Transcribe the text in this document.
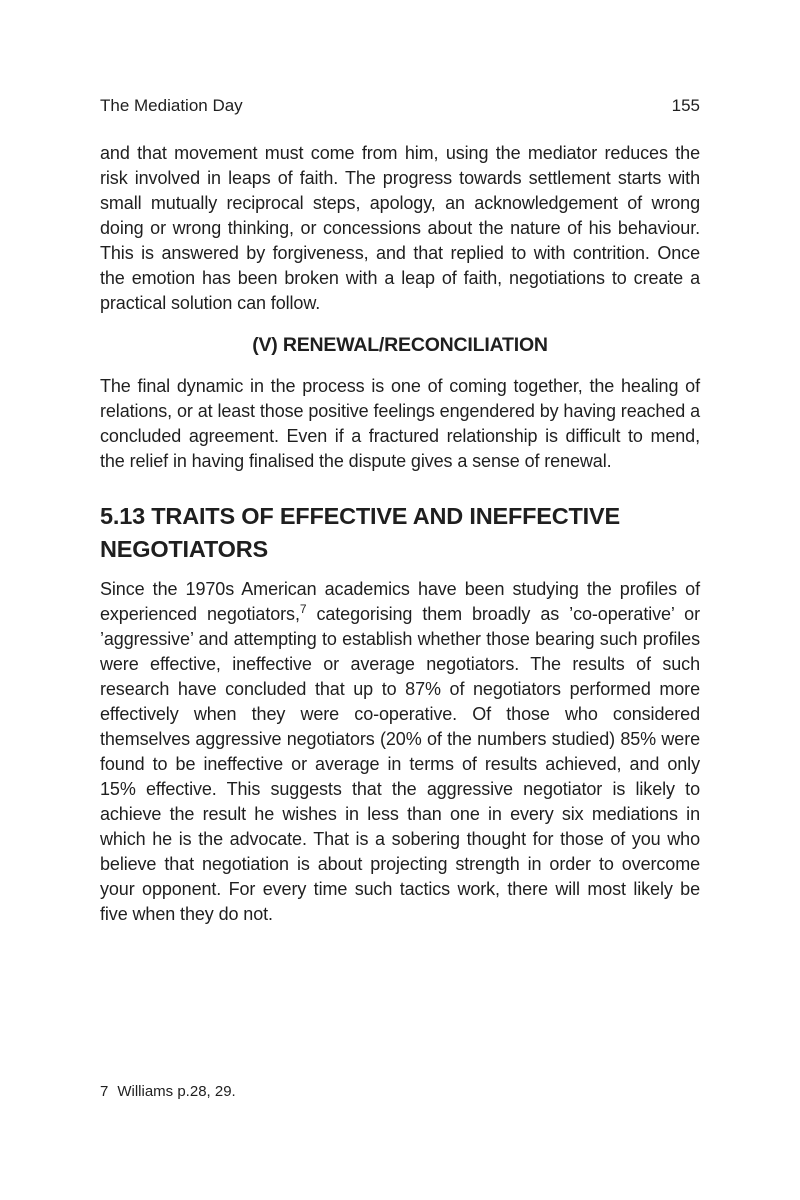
The Mediation Day	155

and that movement must come from him, using the mediator reduces the risk involved in leaps of faith. The progress towards settlement starts with small mutually reciprocal steps, apology, an acknowledgement of wrong doing or wrong thinking, or concessions about the nature of his behaviour. This is answered by forgiveness, and that replied to with contrition. Once the emotion has been broken with a leap of faith, negotiations to create a practical solution can follow.

(V) RENEWAL/RECONCILIATION

The final dynamic in the process is one of coming together, the healing of relations, or at least those positive feelings engendered by having reached a concluded agreement. Even if a fractured relationship is difficult to mend, the relief in having finalised the dispute gives a sense of renewal.

5.13 TRAITS OF EFFECTIVE AND INEFFECTIVE NEGOTIATORS

Since the 1970s American academics have been studying the profiles of experienced negotiators,$^7$ categorising them broadly as ’co-operative’ or ’aggressive’ and attempting to establish whether those bearing such profiles were effective, ineffective or average negotiators. The results of such research have concluded that up to 87% of negotiators performed more effectively when they were co-operative. Of those who considered themselves aggressive negotiators (20% of the numbers studied) 85% were found to be ineffective or average in terms of results achieved, and only 15% effective. This suggests that the aggressive negotiator is likely to achieve the result he wishes in less than one in every six mediations in which he is the advocate. That is a sobering thought for those of you who believe that negotiation is about projecting strength in order to overcome your opponent. For every time such tactics work, there will most likely be five when they do not.

7 Williams p.28, 29.
